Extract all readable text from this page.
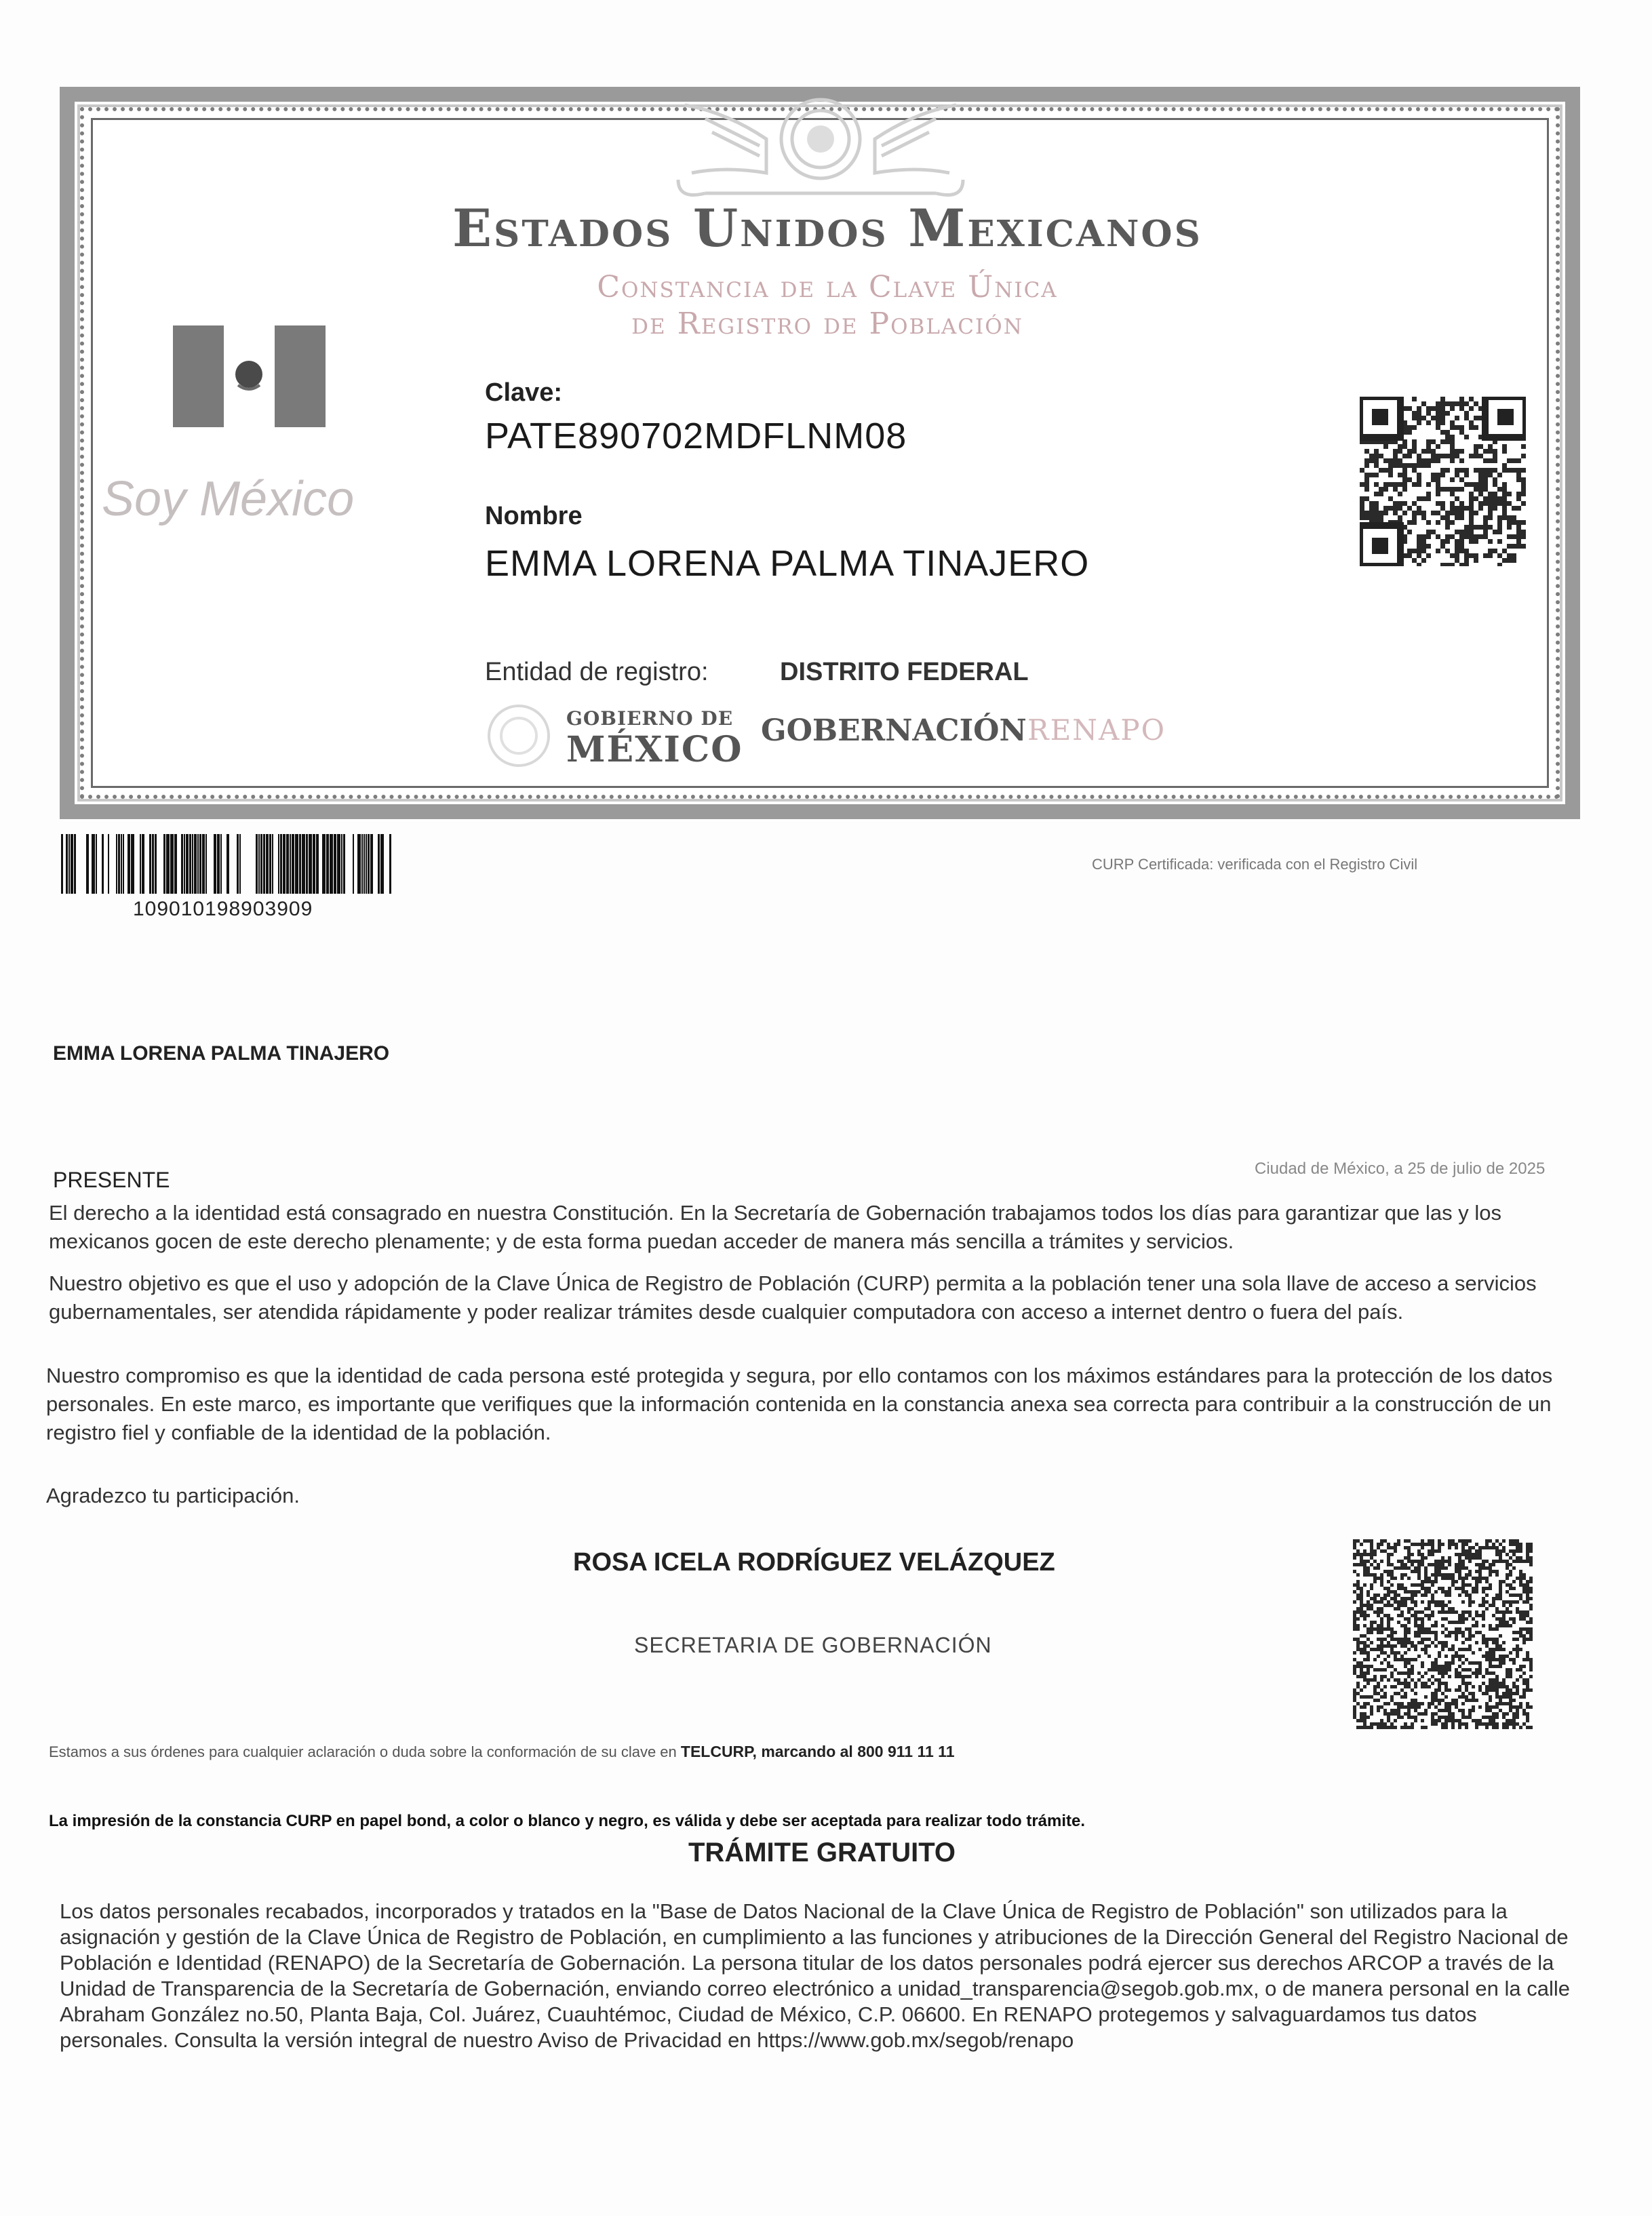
Estados Unidos Mexicanos
Constancia de la Clave Única
de Registro de Población
Soy México
Clave:
PATE890702MDFLNM08
Nombre
EMMA LORENA PALMA TINAJERO
Entidad de registro:	DISTRITO FEDERAL
GOBIERNO DE
MÉXICO GOBERNACIÓN RENAPO
109010198903909
CURP Certificada: verificada con el Registro Civil
EMMA LORENA PALMA TINAJERO
PRESENTE	Ciudad de México, a 25 de julio de 2025
El derecho a la identidad está consagrado en nuestra Constitución. En la Secretaría de Gobernación trabajamos todos los días para garantizar que las y los mexicanos gocen de este derecho plenamente; y de esta forma puedan acceder de manera más sencilla a trámites y servicios.
Nuestro objetivo es que el uso y adopción de la Clave Única de Registro de Población (CURP) permita a la población tener una sola llave de acceso a servicios gubernamentales, ser atendida rápidamente y poder realizar trámites desde cualquier computadora con acceso a internet dentro o fuera del país.
Nuestro compromiso es que la identidad de cada persona esté protegida y segura, por ello contamos con los máximos estándares para la protección de los datos personales. En este marco, es importante que verifiques que la información contenida en la constancia anexa sea correcta para contribuir a la construcción de un registro fiel y confiable de la identidad de la población.
Agradezco tu participación.
ROSA ICELA RODRÍGUEZ VELÁZQUEZ
SECRETARIA DE GOBERNACIÓN
Estamos a sus órdenes para cualquier aclaración o duda sobre la conformación de su clave en TELCURP, marcando al 800 911 11 11
La impresión de la constancia CURP en papel bond, a color o blanco y negro, es válida y debe ser aceptada para realizar todo trámite.
TRÁMITE GRATUITO
Los datos personales recabados, incorporados y tratados en la "Base de Datos Nacional de la Clave Única de Registro de Población" son utilizados para la asignación y gestión de la Clave Única de Registro de Población, en cumplimiento a las funciones y atribuciones de la Dirección General del Registro Nacional de Población e Identidad (RENAPO) de la Secretaría de Gobernación. La persona titular de los datos personales podrá ejercer sus derechos ARCOP a través de la Unidad de Transparencia de la Secretaría de Gobernación, enviando correo electrónico a unidad_transparencia@segob.gob.mx, o de manera personal en la calle Abraham González no.50, Planta Baja, Col. Juárez, Cuauhtémoc, Ciudad de México, C.P. 06600. En RENAPO protegemos y salvaguardamos tus datos personales. Consulta la versión integral de nuestro Aviso de Privacidad en https://www.gob.mx/segob/renapo
